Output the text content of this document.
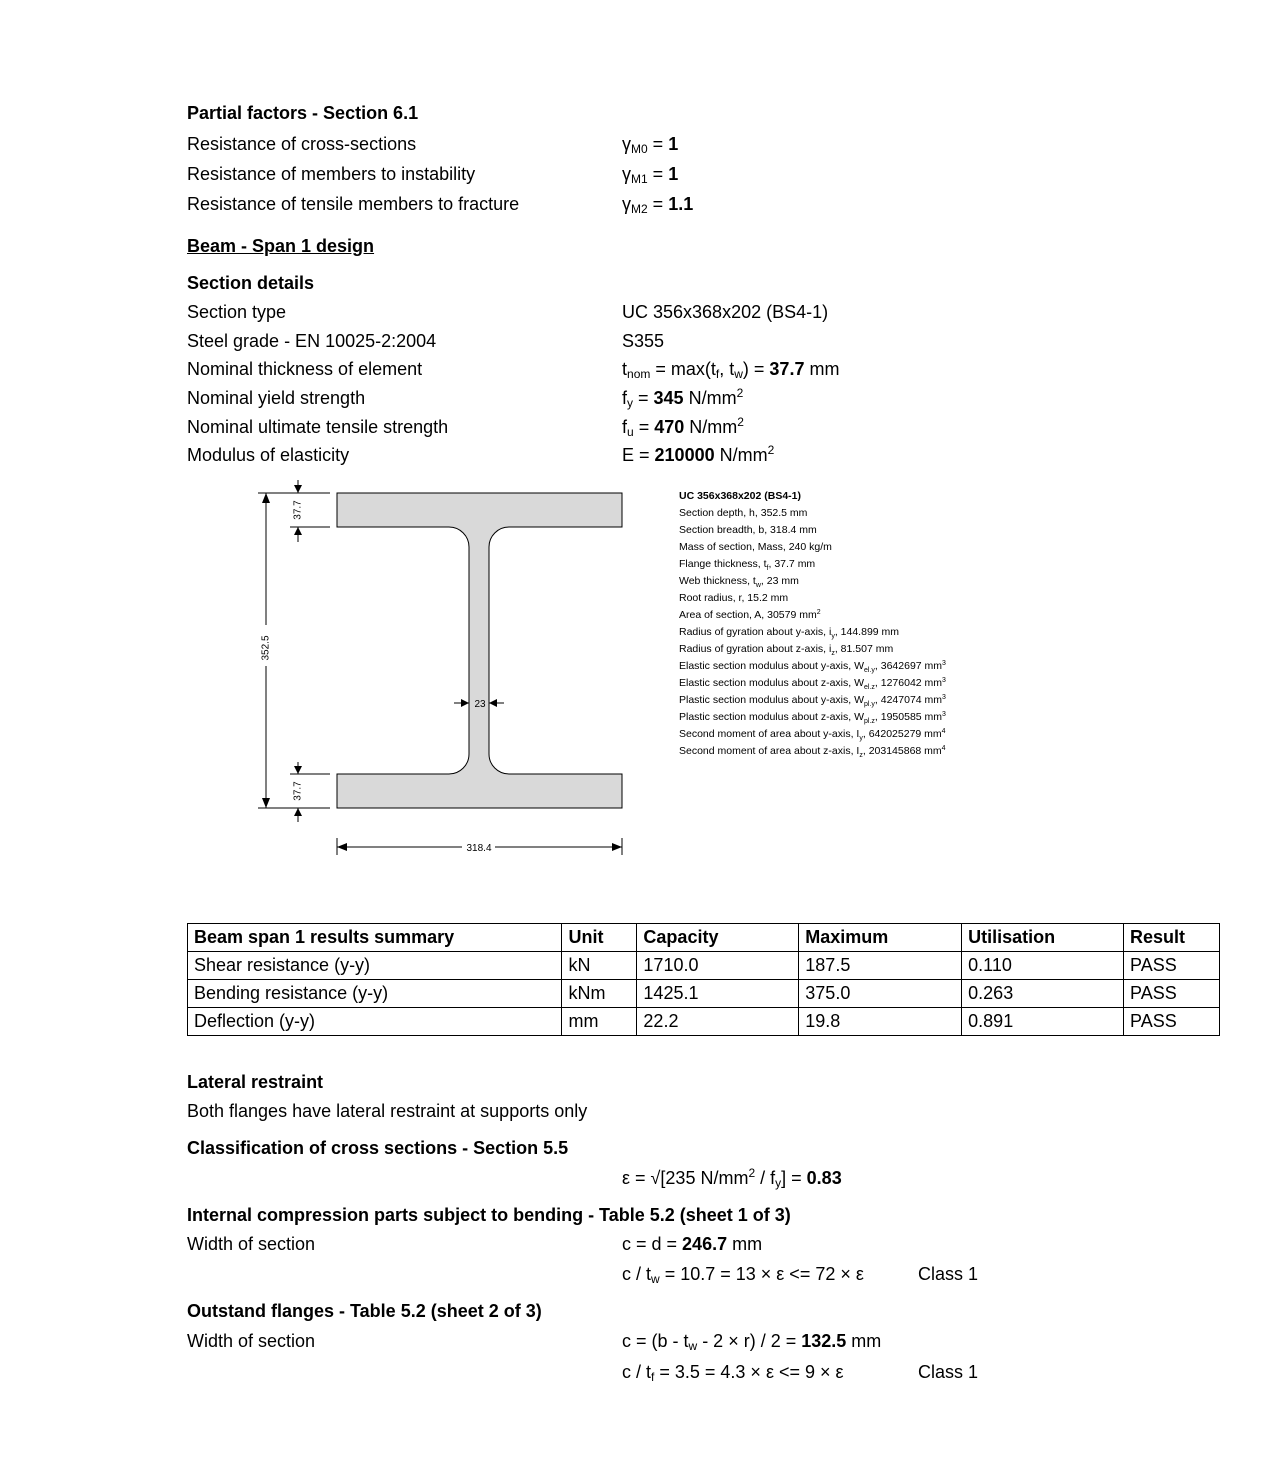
Partial factors - Section 6.1
Resistance of cross-sections	γM0 = 1
Resistance of members to instability	γM1 = 1
Resistance of tensile members to fracture	γM2 = 1.1
Beam - Span 1 design
Section details
Section type	UC 356x368x202 (BS4-1)
Steel grade - EN 10025-2:2004	S355
Nominal thickness of element	tnom = max(tf, tw) = 37.7 mm
Nominal yield strength	fy = 345 $N/mm^2$
Nominal ultimate tensile strength	fu = 470 $N/mm^2$
Modulus of elasticity	E = 210000 $N/mm^2$
352.5
37.7
37.7
23
318.4
UC 356x368x202 (BS4-1)
Section depth, h, 352.5 mm
Section breadth, b, 318.4 mm
Mass of section, Mass, 240 kg/m
Flange thickness, $t_f$, 37.7 mm
Web thickness, $t_w$, 23 mm
Root radius, r, 15.2 mm
Area of section, A, 30579 $mm^2$
Radius of gyration about y-axis, $i_y$, 144.899 mm
Radius of gyration about z-axis, $i_z$, 81.507 mm
Elastic section modulus about y-axis, $W_{el.y}$, 3642697 $mm^3$
Elastic section modulus about z-axis, $W_{el.z}$, 1276042 $mm^3$
Plastic section modulus about y-axis, $W_{pl.y}$, 4247074 $mm^3$
Plastic section modulus about z-axis, $W_{pl.z}$, 1950585 $mm^3$
Second moment of area about y-axis, $I_y$, 642025279 $mm^4$
Second moment of area about z-axis, $I_z$, 203145868 $mm^4$
Beam span 1 results summary	Unit	Capacity	Maximum	Utilisation	Result
Shear resistance (y-y)	kN	1710.0	187.5	0.110	PASS
Bending resistance (y-y)	kNm	1425.1	375.0	0.263	PASS
Deflection (y-y)	mm	22.2	19.8	0.891	PASS
Lateral restraint
Both flanges have lateral restraint at supports only
Classification of cross sections - Section 5.5
ε = √[235 $N/mm^2 / fy] = 0.83$
Internal compression parts subject to bending - Table 5.2 (sheet 1 of 3)
Width of section	c = d = 246.7 mm
c / tw = 10.7 = 13 × ε <= 72 × ε	Class 1
Outstand flanges - Table 5.2 (sheet 2 of 3)
Width of section	c = (b - tw - 2 × r) / 2 = 132.5 mm
c / tf = 3.5 = 4.3 × ε <= 9 × ε	Class 1
